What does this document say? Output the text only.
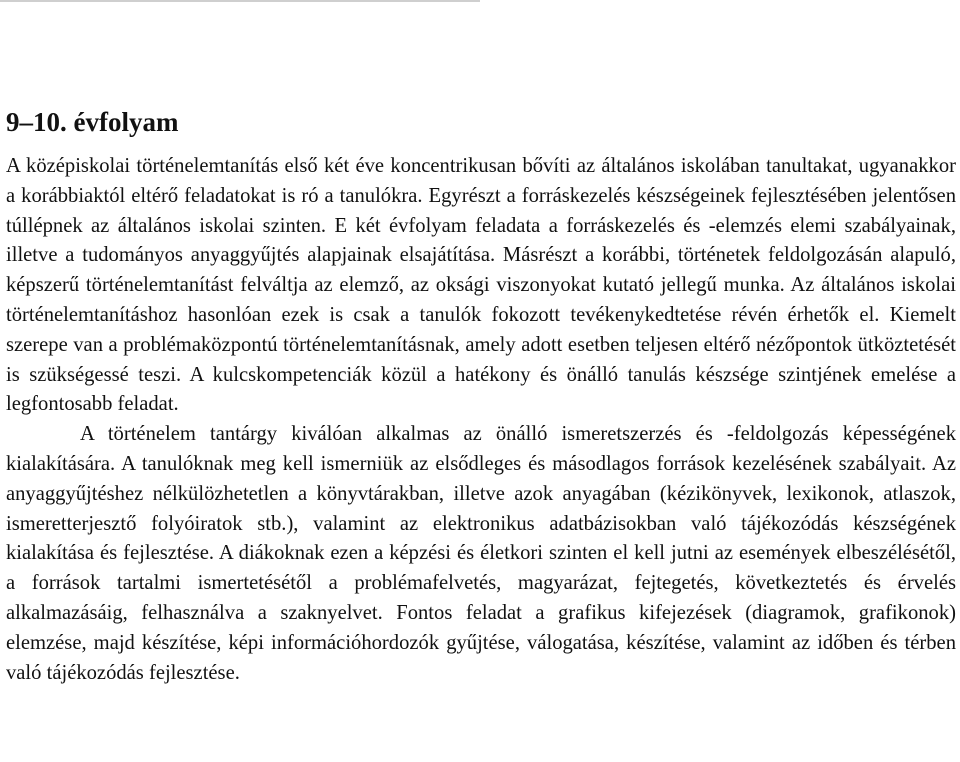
9–10. évfolyam

A középiskolai történelemtanítás első két éve koncentrikusan bővíti az általános iskolában tanultakat, ugyanakkor a korábbiaktól eltérő feladatokat is ró a tanulókra. Egyrészt a forráskezelés készségeinek fejlesztésében jelentősen túllépnek az általános iskolai szinten. E két évfolyam feladata a forráskezelés és -elemzés elemi szabályainak, illetve a tudományos anyaggyűjtés alapjainak elsajátítása. Másrészt a korábbi, történetek feldolgozásán alapuló, képszerű történelemtanítást felváltja az elemző, az oksági viszonyokat kutató jellegű munka. Az általános iskolai történelemtanításhoz hasonlóan ezek is csak a tanulók fokozott tevékenykedtetése révén érhetők el. Kiemelt szerepe van a problémaközpontú történelemtanításnak, amely adott esetben teljesen eltérő nézőpontok ütköztetését is szükségessé teszi. A kulcskompetenciák közül a hatékony és önálló tanulás készsége szintjének emelése a legfontosabb feladat.

A történelem tantárgy kiválóan alkalmas az önálló ismeretszerzés és -feldolgozás képességének kialakítására. A tanulóknak meg kell ismerniük az elsődleges és másodlagos források kezelésének szabályait. Az anyaggyűjtéshez nélkülözhetetlen a könyvtárakban, illetve azok anyagában (kézikönyvek, lexikonok, atlaszok, ismeretterjesztő folyóiratok stb.), valamint az elektronikus adatbázisokban való tájékozódás készségének kialakítása és fejlesztése. A diákoknak ezen a képzési és életkori szinten el kell jutni az események elbeszélésétől, a források tartalmi ismertetésétől a problémafelvetés, magyarázat, fejtegetés, következtetés és érvelés alkalmazásáig, felhasználva a szaknyelvet. Fontos feladat a grafikus kifejezések (diagramok, grafikonok) elemzése, majd készítése, képi információhordozók gyűjtése, válogatása, készítése, valamint az időben és térben való tájékozódás fejlesztése.
